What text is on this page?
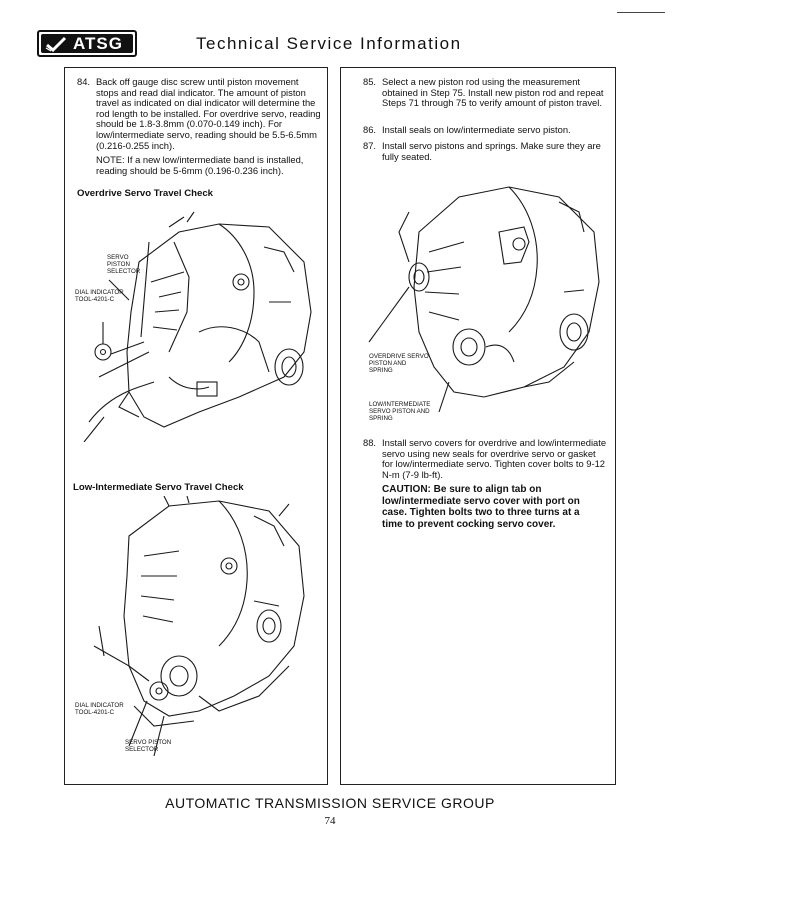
ATSG	Technical Service Information
84. Back off gauge disc screw until piston movement stops and read dial indicator. The amount of piston travel as indicated on dial indicator will determine the rod length to be installed. For overdrive servo, reading should be 1.8-3.8mm (0.070-0.149 inch). For low/intermediate servo, reading should be 5.5-6.5mm (0.216-0.255 inch).
NOTE: If a new low/intermediate band is installed, reading should be 5-6mm (0.196-0.236 inch).
Overdrive Servo Travel Check
SERVO PISTON SELECTOR
DIAL INDICATOR TOOL-4201-C
Low-Intermediate Servo Travel Check
DIAL INDICATOR TOOL-4201-C
SERVO PISTON SELECTOR
85. Select a new piston rod using the measurement obtained in Step 75. Install new piston rod and repeat Steps 71 through 75 to verify amount of piston travel.
86. Install seals on low/intermediate servo piston.
87. Install servo pistons and springs. Make sure they are fully seated.
OVERDRIVE SERVO PISTON AND SPRING
LOW/INTERMEDIATE SERVO PISTON AND SPRING
88. Install servo covers for overdrive and low/intermediate servo using new seals for overdrive servo or gasket for low/intermediate servo. Tighten cover bolts to 9-12 N-m (7-9 lb-ft).
CAUTION: Be sure to align tab on low/intermediate servo cover with port on case. Tighten bolts two to three turns at a time to prevent cocking servo cover.
AUTOMATIC TRANSMISSION SERVICE GROUP
74
